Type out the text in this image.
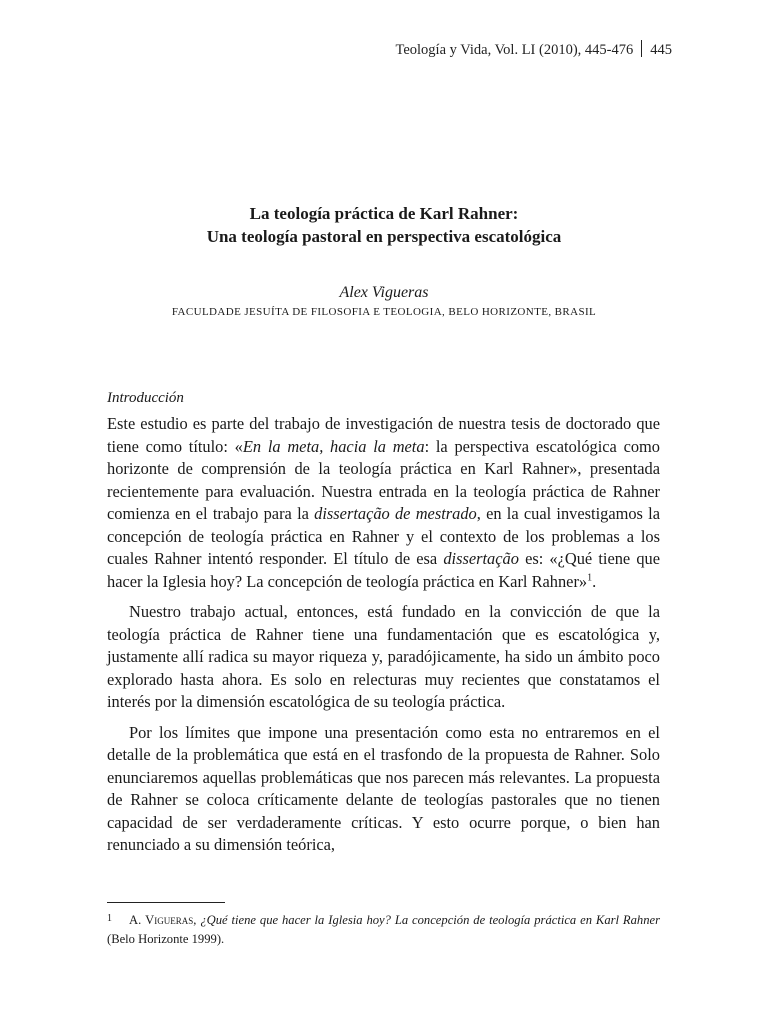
Teología y Vida, Vol. LI (2010), 445-476 445
La teología práctica de Karl Rahner:
Una teología pastoral en perspectiva escatológica
Alex Vigueras
FACULDADE JESUÍTA DE FILOSOFIA E TEOLOGIA, BELO HORIZONTE, BRASIL
Introducción

Este estudio es parte del trabajo de investigación de nuestra tesis de doctorado que tiene como título: «En la meta, hacia la meta: la perspectiva escatológica como horizonte de comprensión de la teología práctica en Karl Rahner», presentada recientemente para evaluación. Nuestra entrada en la teología práctica de Rahner comienza en el trabajo para la dissertação de mestrado, en la cual investigamos la concepción de teología práctica en Rahner y el contexto de los problemas a los cuales Rahner intentó responder. El título de esa dissertação es: «¿Qué tiene que hacer la Iglesia hoy? La concepción de teología práctica en Karl Rahner»$^1$.

Nuestro trabajo actual, entonces, está fundado en la convicción de que la teología práctica de Rahner tiene una fundamentación que es escatológica y, justamente allí radica su mayor riqueza y, paradójicamente, ha sido un ámbito poco explorado hasta ahora. Es solo en relecturas muy recientes que constatamos el interés por la dimensión escatológica de su teología práctica.

Por los límites que impone una presentación como esta no entraremos en el detalle de la problemática que está en el trasfondo de la propuesta de Rahner. Solo enunciaremos aquellas problemáticas que nos parecen más relevantes. La propuesta de Rahner se coloca críticamente delante de teologías pastorales que no tienen capacidad de ser verdaderamente críticas. Y esto ocurre porque, o bien han renunciado a su dimensión teórica,

1 A. Vigueras, ¿Qué tiene que hacer la Iglesia hoy? La concepción de teología práctica en Karl Rahner (Belo Horizonte 1999).
